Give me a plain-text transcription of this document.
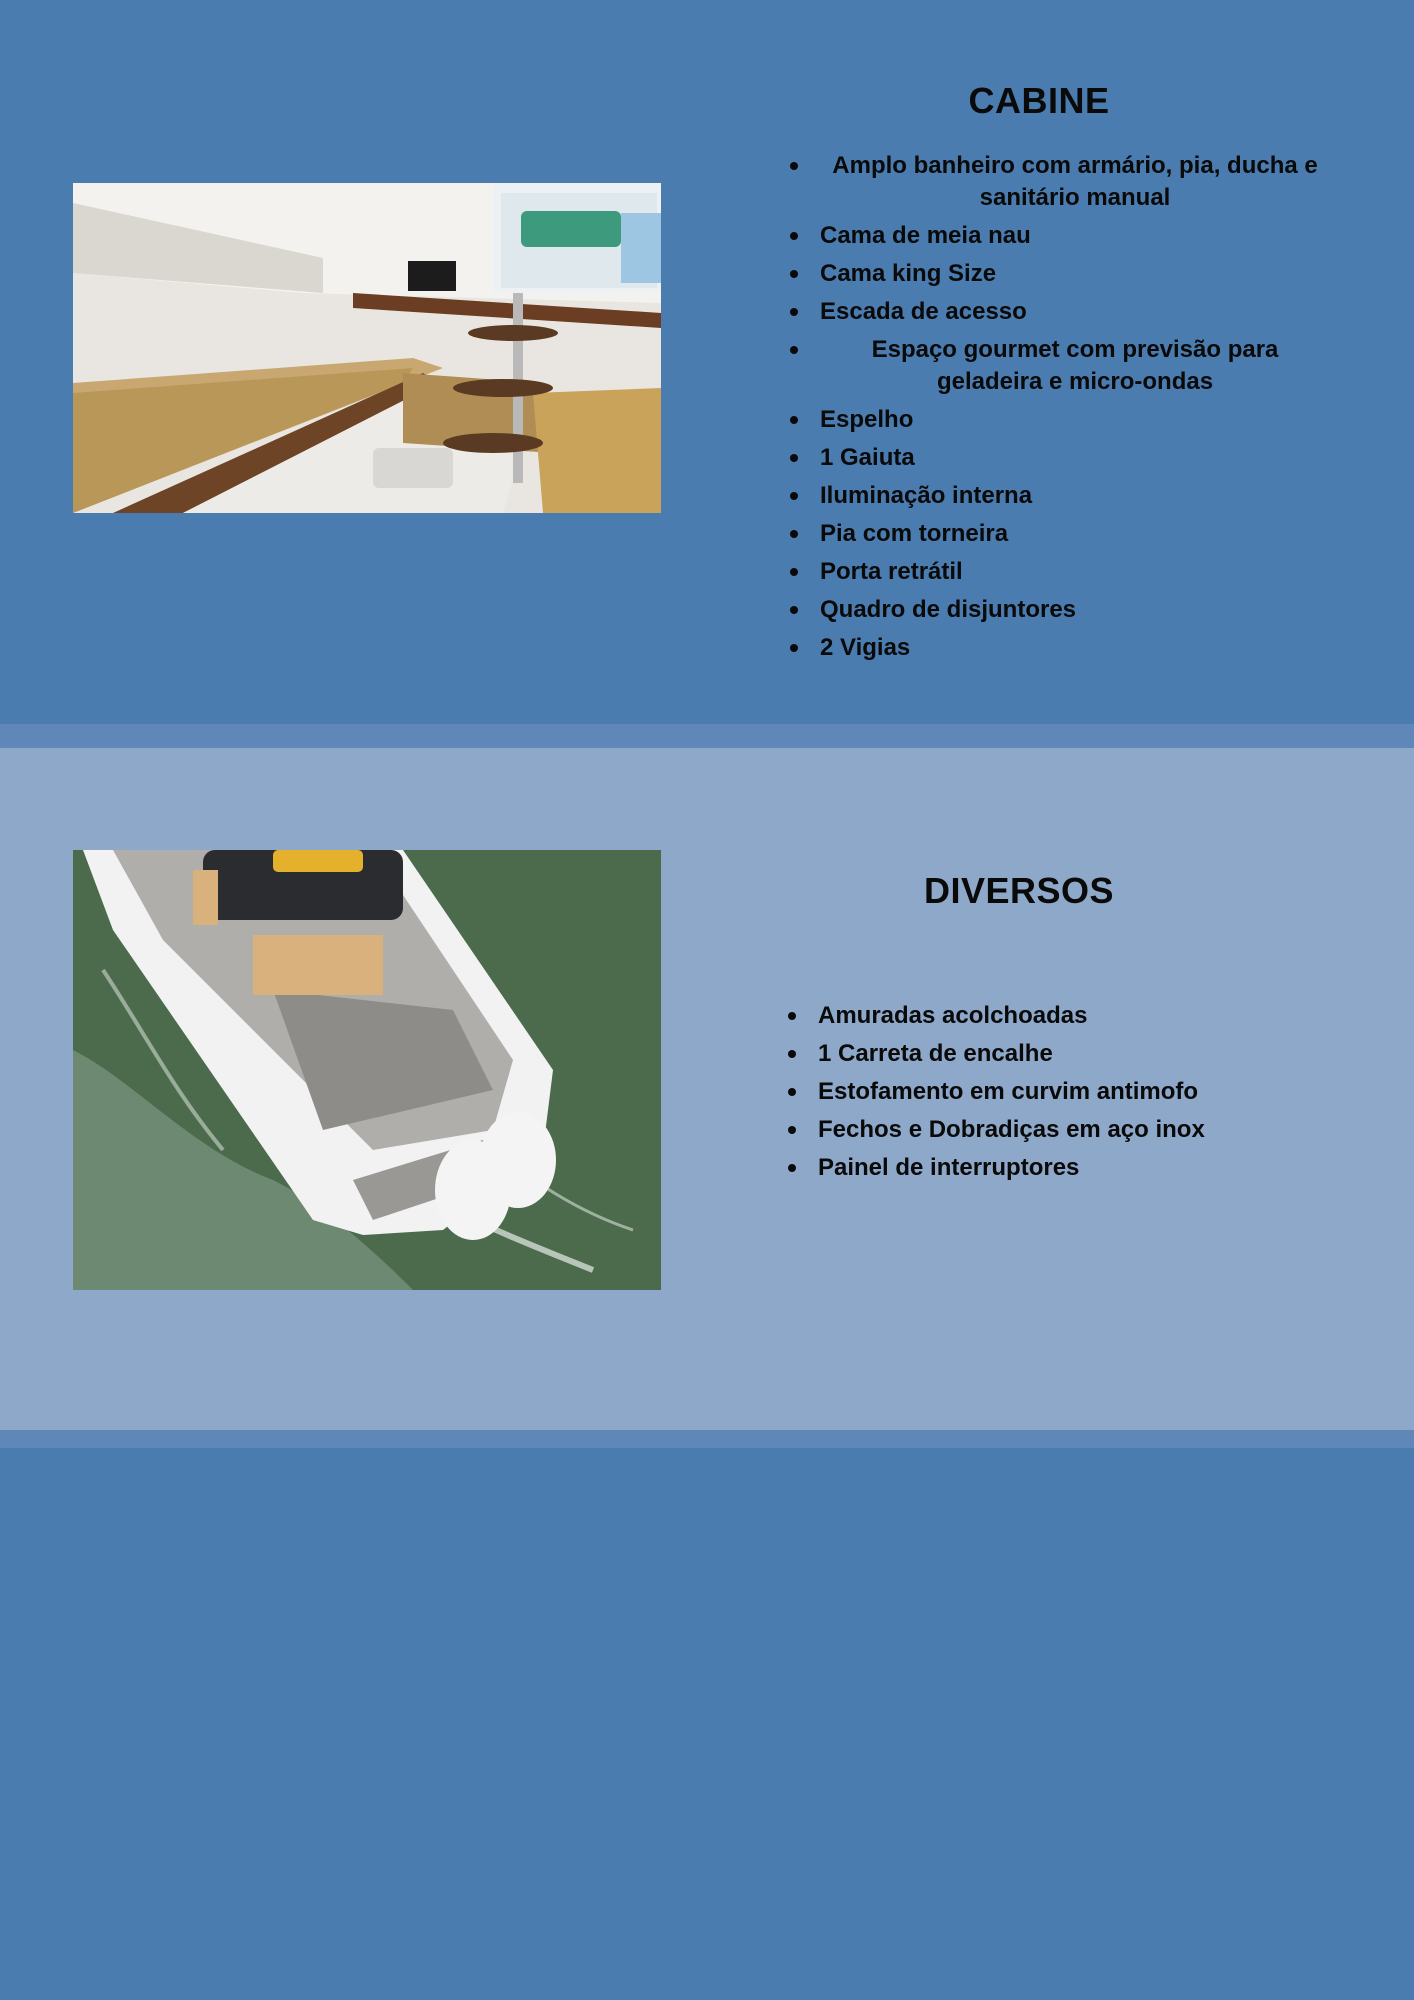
CABINE
Amplo banheiro com armário, pia, ducha e sanitário manual
Cama de meia nau
Cama king Size
Escada de acesso
Espaço gourmet com previsão para geladeira e micro-ondas
Espelho
1 Gaiuta
Iluminação interna
Pia com torneira
Porta retrátil
Quadro de disjuntores
2 Vigias
DIVERSOS
Amuradas acolchoadas
1 Carreta de encalhe
Estofamento em curvim antimofo
Fechos e Dobradiças em aço inox
Painel de interruptores
